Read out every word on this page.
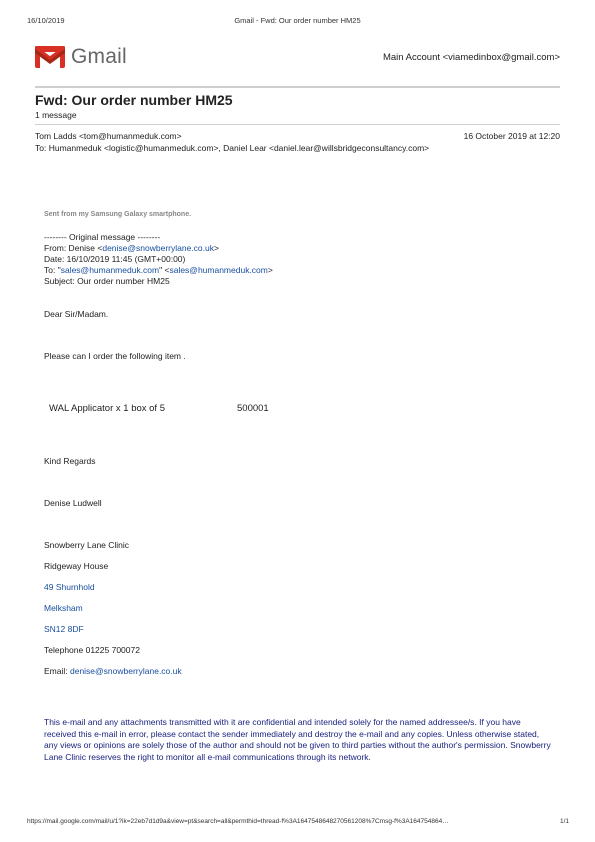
16/10/2019	Gmail - Fwd: Our order number HM25
Gmail	Main Account <viamedinbox@gmail.com>
Fwd: Our order number HM25
1 message
Tom Ladds <tom@humanmeduk.com>	16 October 2019 at 12:20
To: Humanmeduk <logistic@humanmeduk.com>, Daniel Lear <daniel.lear@willsbridgeconsultancy.com>
Sent from my Samsung Galaxy smartphone.
-------- Original message --------
From: Denise <denise@snowberrylane.co.uk>
Date: 16/10/2019 11:45 (GMT+00:00)
To: "sales@humanmeduk.com" <sales@humanmeduk.com>
Subject: Our order number HM25
Dear Sir/Madam.
Please can I order the following item .
WAL Applicator x 1 box of 5	500001
Kind Regards
Denise Ludwell
Snowberry Lane Clinic
Ridgeway House
49 Shurnhold
Melksham
SN12 8DF
Telephone 01225 700072
Email: denise@snowberrylane.co.uk
This e-mail and any attachments transmitted with it are confidential and intended solely for the named addressee/s. If you have received this e-mail in error, please contact the sender immediately and destroy the e-mail and any copies. Unless otherwise stated, any views or opinions are solely those of the author and should not be given to third parties without the author's permission. Snowberry Lane Clinic reserves the right to monitor all e-mail communications through its network.
https://mail.google.com/mail/u/1?ik=22eb7d1d9a&view=pt&search=all&permthid=thread-f%3A1647548648270561208%7Cmsg-f%3A164754864…	1/1
